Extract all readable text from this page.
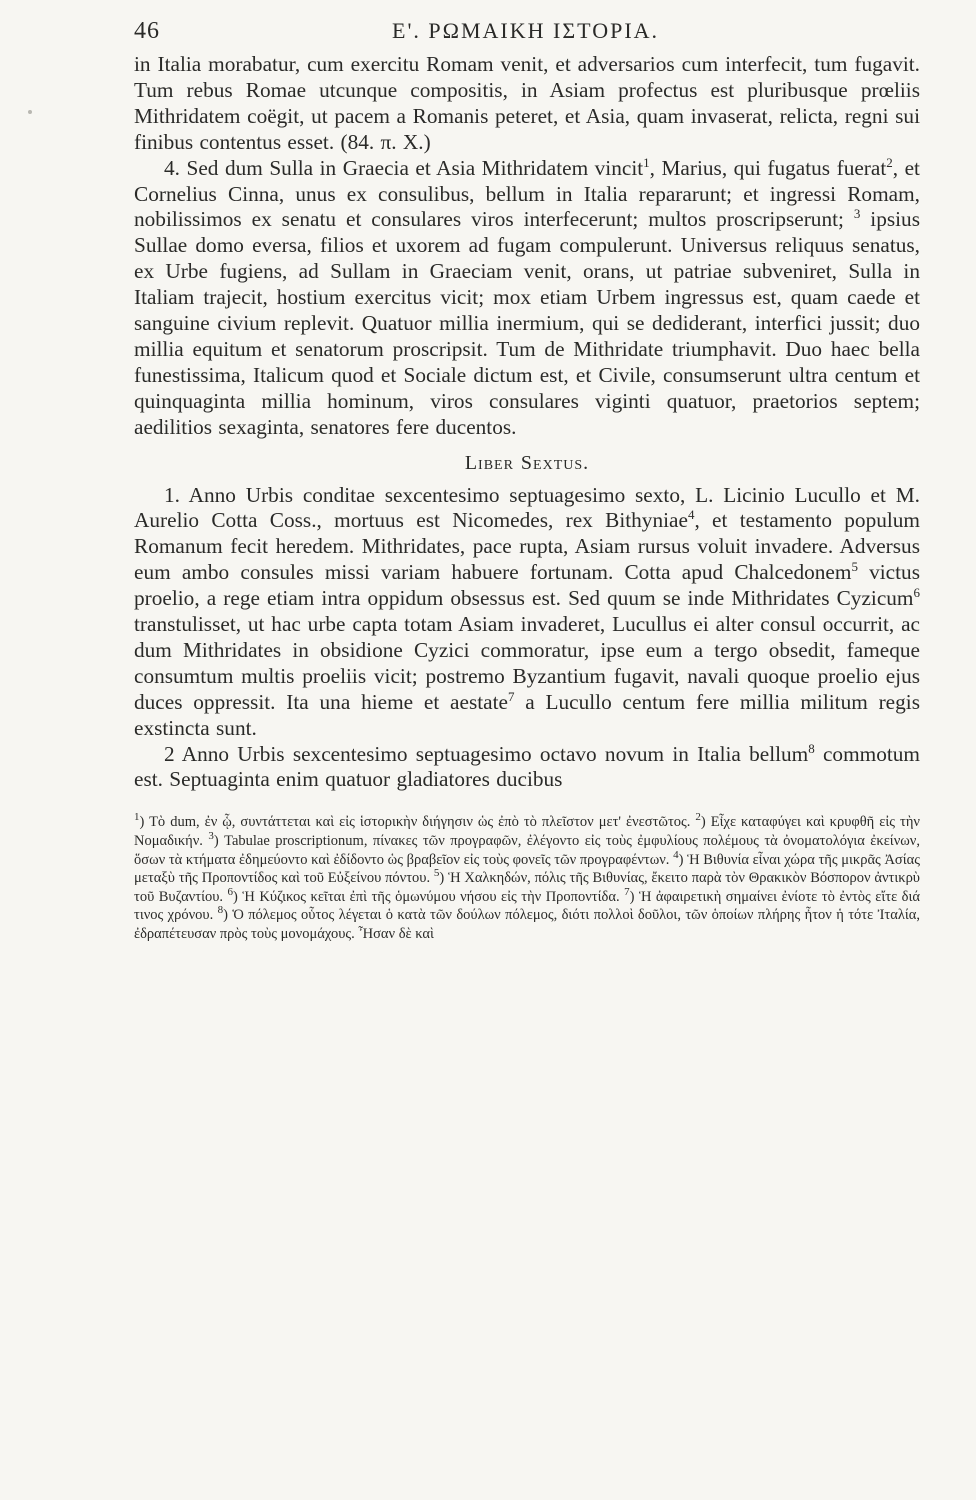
46	E'. ΡΩΜΑΙΚΗ ΙΣΤΟΡΙΑ.

in Italia morabatur, cum exercitu Romam venit, et adversarios cum interfecit, tum fugavit. Tum rebus Romae utcunque compositis, in Asiam profectus est pluribusque prœliis Mithridatem coëgit, ut pacem a Romanis peteret, et Asia, quam invaserat, relicta, regni sui finibus contentus esset. (84. π. X.)

4. Sed dum Sulla in Graecia et Asia Mithridatem vincit$^1$, Marius, qui fugatus fuerat$^2$, et Cornelius Cinna, unus ex consulibus, bellum in Italia repararunt; et ingressi Romam, nobilissimos ex senatu et consulares viros interfecerunt; multos proscripserunt; $^3$ ipsius Sullae domo eversa, filios et uxorem ad fugam compulerunt. Universus reliquus senatus, ex Urbe fugiens, ad Sullam in Graeciam venit, orans, ut patriae subveniret, Sulla in Italiam trajecit, hostium exercitus vicit; mox etiam Urbem ingressus est, quam caede et sanguine civium replevit. Quatuor millia inermium, qui se dediderant, interfici jussit; duo millia equitum et senatorum proscripsit. Tum de Mithridate triumphavit. Duo haec bella funestissima, Italicum quod et Sociale dictum est, et Civile, consumserunt ultra centum et quinquaginta millia hominum, viros consulares viginti quatuor, praetorios septem; aedilitios sexaginta, senatores fere ducentos.

Liber Sextus.

1. Anno Urbis conditae sexcentesimo septuagesimo sexto, L. Licinio Lucullo et M. Aurelio Cotta Coss., mortuus est Nicomedes, rex Bithyniae$^4$, et testamento populum Romanum fecit heredem. Mithridates, pace rupta, Asiam rursus voluit invadere. Adversus eum ambo consules missi variam habuere fortunam. Cotta apud Chalcedonem$^5$ victus proelio, a rege etiam intra oppidum obsessus est. Sed quum se inde Mithridates Cyzicum$^6$ transtulisset, ut hac urbe capta totam Asiam invaderet, Lucullus ei alter consul occurrit, ac dum Mithridates in obsidione Cyzici commoratur, ipse eum a tergo obsedit, fameque consumtum multis proeliis vicit; postremo Byzantium fugavit, navali quoque proelio ejus duces oppressit. Ita una hieme et aestate$^7$ a Lucullo centum fere millia militum regis exstincta sunt.

2 Anno Urbis sexcentesimo septuagesimo octavo novum in Italia bellum$^8$ commotum est. Septuaginta enim quatuor gladiatores ducibus

$^1$) Τὸ dum, ἐν ᾧ, συντάττεται καὶ εἰς ἱστορικὴν διήγησιν ὡς ἐπὸ τὸ πλεῖστον μετ' ἐνεστῶτος. $^2$) Εἶχε καταφύγει καὶ κρυφθῆ εἰς τὴν Νομαδικήν. $^3$) Tabulae proscriptionum, πίνακες τῶν προγραφῶν, ἐλέγοντο εἰς τοὺς ἐμφυλίους πολέμους τὰ ὀνοματολόγια ἐκείνων, ὅσων τὰ κτήματα ἐδημεύοντο καὶ ἐδίδοντο ὡς βραβεῖον εἰς τοὺς φονεῖς τῶν προγραφέντων. $^4$) Ἡ Βιθυνία εἶναι χώρα τῆς μικρᾶς Ἀσίας μεταξὺ τῆς Προποντίδος καὶ τοῦ Εὐξείνου πόντου. $^5$) Ἡ Χαλκηδών, πόλις τῆς Βιθυνίας, ἔκειτο παρὰ τὸν Θρακικὸν Βόσπορον ἀντικρὺ τοῦ Βυζαντίου. $^6$) Ἡ Κύζικος κεῖται ἐπὶ τῆς ὁμωνύμου νήσου εἰς τὴν Προποντίδα. $^7$) Ἡ ἀφαιρετικὴ σημαίνει ἐνίοτε τὸ ἐντὸς εἴτε διά τινος χρόνου. $^8$) Ὁ πόλεμος οὗτος λέγεται ὁ κατὰ τῶν δούλων πόλεμος, διότι πολλοὶ δοῦλοι, τῶν ὁποίων πλήρης ἦτον ἡ τότε Ἰταλία, ἐδραπέτευσαν πρὸς τοὺς μονομάχους. Ἦσαν δὲ καὶ
